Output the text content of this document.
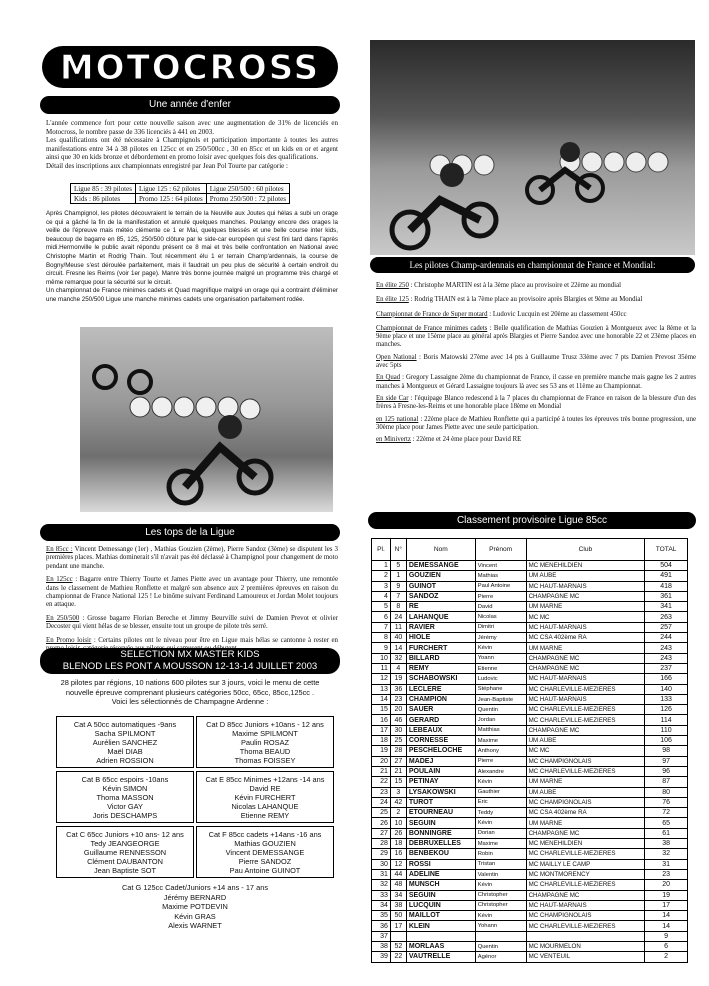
MOTOCROSS
Une année d'enfer
L'année commence fort pour cette nouvelle saison avec une augmentation de 31% de licenciés en Motocross, le nombre passe de 336 licenciés à 441 en 2003.
Les qualifications ont été nécessaire à Champignols et participation importante à toutes les autres manifestations entre 34 à 38 pilotes en 125cc et en 250/500cc , 30 en 85cc et un kids en or et argent ainsi que 30 en kids bronze et débordement en promo loisir avec quelques fois des qualifications.
Détail des inscriptions aux championnats enregistré par Jean Pol Tourte par catégorie :
Ligue 85 : 39 pilotes	Ligue 125 : 62 pilotes	Ligue 250/500 : 60 pilotes
Kids : 86 pilotes	Promo 125 : 64 pilotes	Promo 250/500 : 72 pilotes
Après Champignol, les pilotes découvraient le terrain de la Neuville aux Joutes qui hélas a subi un orage ce qui a gâché la fin de la manifestation et annulé quelques manches. Poulangy encore des orages la veille de l'épreuve mais météo clémente ce 1 er Mai, quelques blessés et une belle course inter kids, beaucoup de bagarre en 85, 125, 250/500 clôture par le side-car européen qui s'est fini tard dans l'après midi.Hermonville le public avait répondu présent ce 8 mai et très belle confrontation en National avec Christophe Martin et Rodrig Thain. Tout récemment élu 1 er terrain Champ'ardennais, la course de Bogny/Meuse s'est déroulée parfaitement, mais il faudrait un peu plus de sécurité à certain endroit du circuit. Fresne les Reims (voir 1er page). Manre très bonne journée malgré un programme très chargé et même remarque pour la sécurité sur le circuit.
Un championnat de France minimes cadets et Quad magnifique malgré un orage qui a contraint d'éliminer une manche 250/500 Ligue une manche minimes cadets une organisation parfaitement rodée.
Les tops de la Ligue
En 85cc : Vincent Demessange (1er) , Mathias Gouzien (2ème), Pierre Sandoz (3ème) se disputent les 3 premières places. Mathias dominerait s'il n'avait pas été déclassé à Champignol pour changement de moto pendant une manche.
En 125cc : Bagarre entre Thierry Tourte et James Piette avec un avantage pour Thierry, une remontée dans le classement de Mathieu Ronflette et malgré son absence aux 2 premières épreuves en raison du championnat de France National 125 ! Le binôme suivant Ferdinand Lamoureux et Jordan Molet toujours en attaque.
En 250/500 : Grosse bagarre Florian Bereche et Jimmy Beurville suivi de Damien Prevot et olivier Decoster qui vient hélas de se blesser, ensuite tout un groupe de pilote très serré.
En Promo loisir : Certains pilotes ont le niveau pour être en Ligue mais hélas se cantonne à rester en
SELECTION MX MASTER KIDS
BLENOD LES PONT A MOUSSON 12-13-14 JUILLET 2003
28 pilotes par régions, 10 nations 600 pilotes sur 3 jours, voici le menu de cette
nouvelle épreuve comprenant plusieurs catégories 50cc, 65cc, 85cc,125cc .
Voici les sélectionnés de Champagne Ardenne :
Cat A 50cc automatiques -9ans
Sacha SPILMONT
Aurélien SANCHEZ
Maël DIAB
Adrien ROSSION
Cat D 85cc Juniors +10ans - 12 ans
Maxime SPILMONT
Paulin ROSAZ
Thoma BEAUD
Thomas FOISSEY
Cat B 65cc espoirs -10ans
Kévin SIMON
Thoma MASSON
Victor GAY
Joris DESCHAMPS
Cat E 85cc Minimes +12ans -14 ans
David RE
Kévin FURCHERT
Nicolas LAHANQUE
Etienne REMY
Cat C 65cc Juniors +10 ans- 12 ans
Tedy JEANGEORGE
Guillaume RENNESSON
Clément DAUBANTON
Jean Baptiste SOT
Cat F 85cc cadets +14ans -16 ans
Mathias GOUZIEN
Vincent DEMESSANGE
Pierre SANDOZ
Pau Antoine GUINOT
Cat G 125cc Cadet/Juniors +14 ans - 17 ans
Jérémy BERNARD
Maxime POTDEVIN
Kévin GRAS
Alexis WARNET
Les pilotes Champ-ardennais en championnat de France et Mondial:
En élite 250 : Christophe MARTIN est à la 3ème place au provisoire et 22ème au mondial
En élite 125 : Rodrig THAIN est à la 7ème place au provisoire après Blargies et 9ème au Mondial
Championnat de France de Super motard : Ludovic Lucquin est 20ème au classement 450cc
Championnat de France minimes cadets : Belle qualification de Mathias Gouzien à Montgueux avec la 8ème et la 9ème place et une 15ème place au général après Blargies et Pierre Sandoz avec une honorable 22 et 23ème places en manches.
Open National : Boris Matowski 27ème avec 14 pts à Guillaume Trusz 33ème avec 7 pts Damien Prevost 35ème avec 5pts
En Quad : Gregory Lassaigne 2ème du championnat de France, il casse en première manche mais gagne les 2 autres manches à Montgueux et Gérard Lassaigne toujours là avec ses 53 ans et 11ème au Championnat.
En side Car : l'équipage Blanco redescend à la 7 places du championnat de France en raison de la blessure d'un des frères à Fresne-les-Reims et une honorable place 18ème en Mondial
en 125 national : 22ème place de Mathieu Ronflette qui a participé à toutes les épreuves très bonne progression, une 30ème place pour James Piette avec une seule participation.
en Minivertz : 22ème et 24 ème place pour David RE
Classement provisoire Ligue 85cc
Pl.	N°	Nom	Prénom	Club	TOTAL
1	5	DEMESSANGE	Vincent	MC MENEHILDIEN	504
2	1	GOUZIEN	Mathias	UM AUBE	491
3	9	GUINOT	Paul Antoine	MC HAUT-MARNAIS	418
4	7	SANDOZ	Pierre	CHAMPAGNE MC	361
5	8	RE	David	UM MARNE	341
6	24	LAHANQUE	Nicolas	MC MC	263
7	11	RAVIER	Dimitri	MC HAUT-MARNAIS	257
8	40	HIOLE	Jérémy	MC CSA 402ème RA	244
9	14	FURCHERT	Kévin	UM MARNE	243
10	32	BILLARD	Yoann	CHAMPAGNE MC	243
11	4	REMY	Etienne	CHAMPAGNE MC	237
12	19	SCHABOWSKI	Ludovic	MC HAUT-MARNAIS	166
13	36	LECLERE	Stéphane	MC CHARLEVILLE-MEZIERES	140
14	23	CHAMPION	Jean-Baptiste	MC HAUT-MARNAIS	133
15	20	SAUER	Quentin	MC CHARLEVILLE-MEZIERES	126
16	46	GERARD	Jordan	MC CHARLEVILLE-MEZIERES	114
17	30	LEBEAUX	Matthias	CHAMPAGNE MC	110
18	25	CORNESSE	Maxime	UM AUBE	106
19	28	PESCHELOCHE	Anthony	MC MC	98
20	27	MADEJ	Pierre	MC CHAMPIGNOLAIS	97
21	21	POULAIN	Alexandre	MC CHARLEVILLE-MEZIERES	96
22	15	PETINAY	Kévin	UM MARNE	87
23	3	LYSAKOWSKI	Gauthier	UM AUBE	80
24	42	TUROT	Eric	MC CHAMPIGNOLAIS	76
25	2	ETOURNEAU	Teddy	MC CSA 402ème RA	72
26	10	SEGUIN	Kévin	UM MARNE	65
27	26	BONNINGRE	Dorian	CHAMPAGNE MC	61
28	18	DEBRUXELLES	Maxime	MC MENEHILDIEN	38
29	16	BENBEKOU	Robin	MC CHARLEVILLE-MEZIERES	32
30	12	ROSSI	Tristan	MC MAILLY LE CAMP	31
31	44	ADELINE	Valentin	MC MONTMORENCY	23
32	48	MUNSCH	Kévin	MC CHARLEVILLE-MEZIERES	20
33	34	SEGUIN	Christopher	CHAMPAGNE MC	19
34	38	LUCQUIN	Christopher	MC HAUT-MARNAIS	17
35	50	MAILLOT	Kévin	MC CHAMPIGNOLAIS	14
36	17	KLEIN	Yohann	MC CHARLEVILLE-MEZIERES	14
37					9
38	52	MORLAAS	Quentin	MC MOURMELON	6
39	22	VAUTRELLE	Agénor	MC VENTEUIL	2
